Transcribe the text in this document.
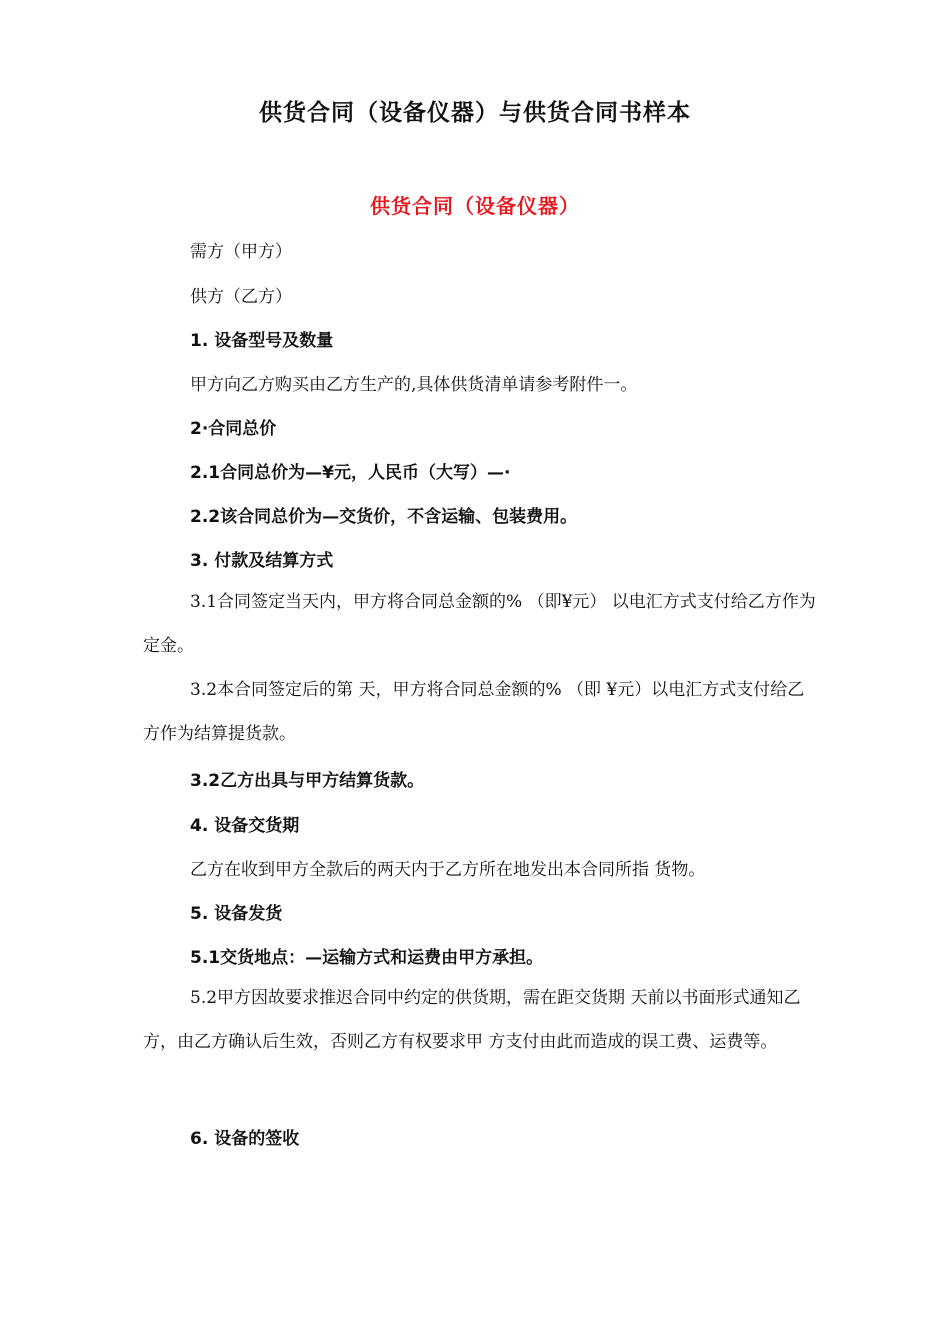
供货合同（设备仪器）与供货合同书样本
供货合同（设备仪器）

需方（甲方）

供方（乙方）

1. 设备型号及数量

甲方向乙方购买由乙方生产的,具体供货清单请参考附件一。

2·合同总价

2.1合同总价为—¥元，人民币（大写）—·

2.2该合同总价为—交货价，不含运输、包装费用。

3. 付款及结算方式

3.1合同签定当天内，甲方将合同总金额的% （即¥元） 以电汇方式支付给乙方作为定金。

3.2本合同签定后的第 天，甲方将合同总金额的% （即 ¥元）以电汇方式支付给乙方作为结算提货款。

3.2乙方出具与甲方结算货款。

4. 设备交货期

乙方在收到甲方全款后的两天内于乙方所在地发出本合同所指 货物。

5. 设备发货

5.1交货地点：—运输方式和运费由甲方承担。

5.2甲方因故要求推迟合同中约定的供货期，需在距交货期 天前以书面形式通知乙方，由乙方确认后生效，否则乙方有权要求甲 方支付由此而造成的误工费、运费等。

6. 设备的签收
